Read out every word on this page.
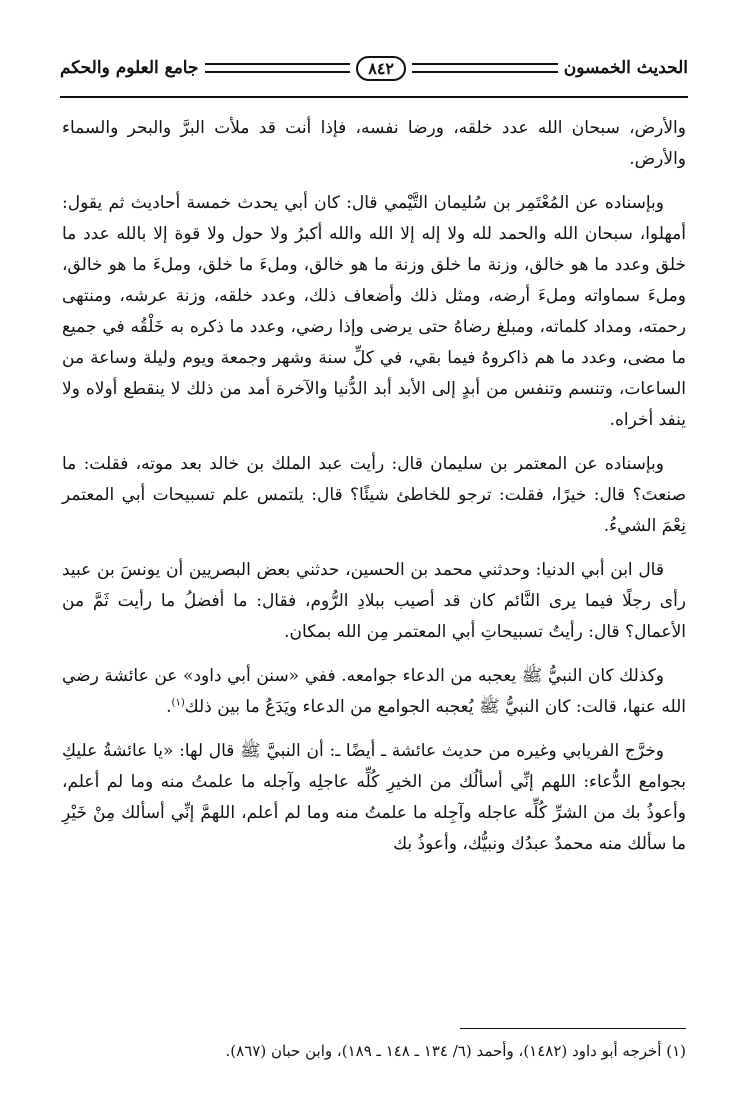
الحديث الخمسون
٨٤٢
جامع العلوم والحكم

والأرض، سبحان الله عدد خلقه، ورضا نفسه، فإذا أنت قد ملأت البرَّ والبحر والسماء والأرض.

وبإسناده عن المُعْتَمِر بن سُليمان التَّيْمي قال: كان أبي يحدث خمسة أحاديث ثم يقول: أمهلوا، سبحان الله والحمد لله ولا إله إلا الله والله أكبرُ ولا حول ولا قوة إلا بالله عدد ما خلق وعدد ما هو خالق، وزنة ما خلق وزنة ما هو خالق، وملءَ ما خلق، وملءَ ما هو خالق، وملءَ سماواته وملءَ أرضه، ومثل ذلك وأضعاف ذلك، وعدد خلقه، وزنة عرشه، ومنتهى رحمته، ومداد كلماته، ومبلغ رضاهُ حتى يرضى وإذا رضي، وعدد ما ذكره به خَلْقُه في جميع ما مضى، وعدد ما هم ذاكروهُ فيما بقي، في كلِّ سنة وشهر وجمعة ويوم وليلة وساعة من الساعات، وتنسم وتنفس من أبدٍ إلى الأبد أبد الدُّنيا والآخرة أمد من ذلك لا ينقطع أولاه ولا ينفد أخراه.

وبإسناده عن المعتمر بن سليمان قال: رأيت عبد الملك بن خالد بعد موته، فقلت: ما صنعتَ؟ قال: خيرًا، فقلت: ترجو للخاطئ شيئًا؟ قال: يلتمس علم تسبيحات أبي المعتمر نِعْمَ الشيءُ.

قال ابن أبي الدنيا: وحدثني محمد بن الحسين، حدثني بعض البصريين أن يونسَ بن عبيد رأى رجلًا فيما يرى النَّائم كان قد أصيب ببلادِ الرُّوم، فقال: ما أفضلُ ما رأيت ثَمَّ من الأعمال؟ قال: رأيتُ تسبيحاتِ أبي المعتمر مِن الله بمكان.

وكذلك كان النبيُّ ﷺ يعجبه من الدعاء جوامعه. ففي «سنن أبي داود» عن عائشة رضي الله عنها، قالت: كان النبيُّ ﷺ يُعجبه الجوامع من الدعاء ويَدَعُ ما بين ذلك$^{(١)}$.

وخرَّج الفريابي وغيره من حديث عائشة ـ أيضًا ـ: أن النبيَّ ﷺ قال لها: «يا عائشةُ عليكِ بجوامع الدُّعاء: اللهم إنِّي أسألُك من الخيرِ كُلِّه عاجلِه وآجله ما علمتُ منه وما لم أعلم، وأعوذُ بك من الشرِّ كُلِّه عاجله وآجِله ما علمتُ منه وما لم أعلم، اللهمَّ إنِّي أسألك مِنْ خَيْرِ ما سألك منه محمدٌ عبدُك ونبيُّك، وأعوذُ بك

(١) أخرجه أبو داود (١٤٨٢)، وأحمد (٦/ ١٣٤ ـ ١٤٨ ـ ١٨٩)، وابن حبان (٨٦٧).
